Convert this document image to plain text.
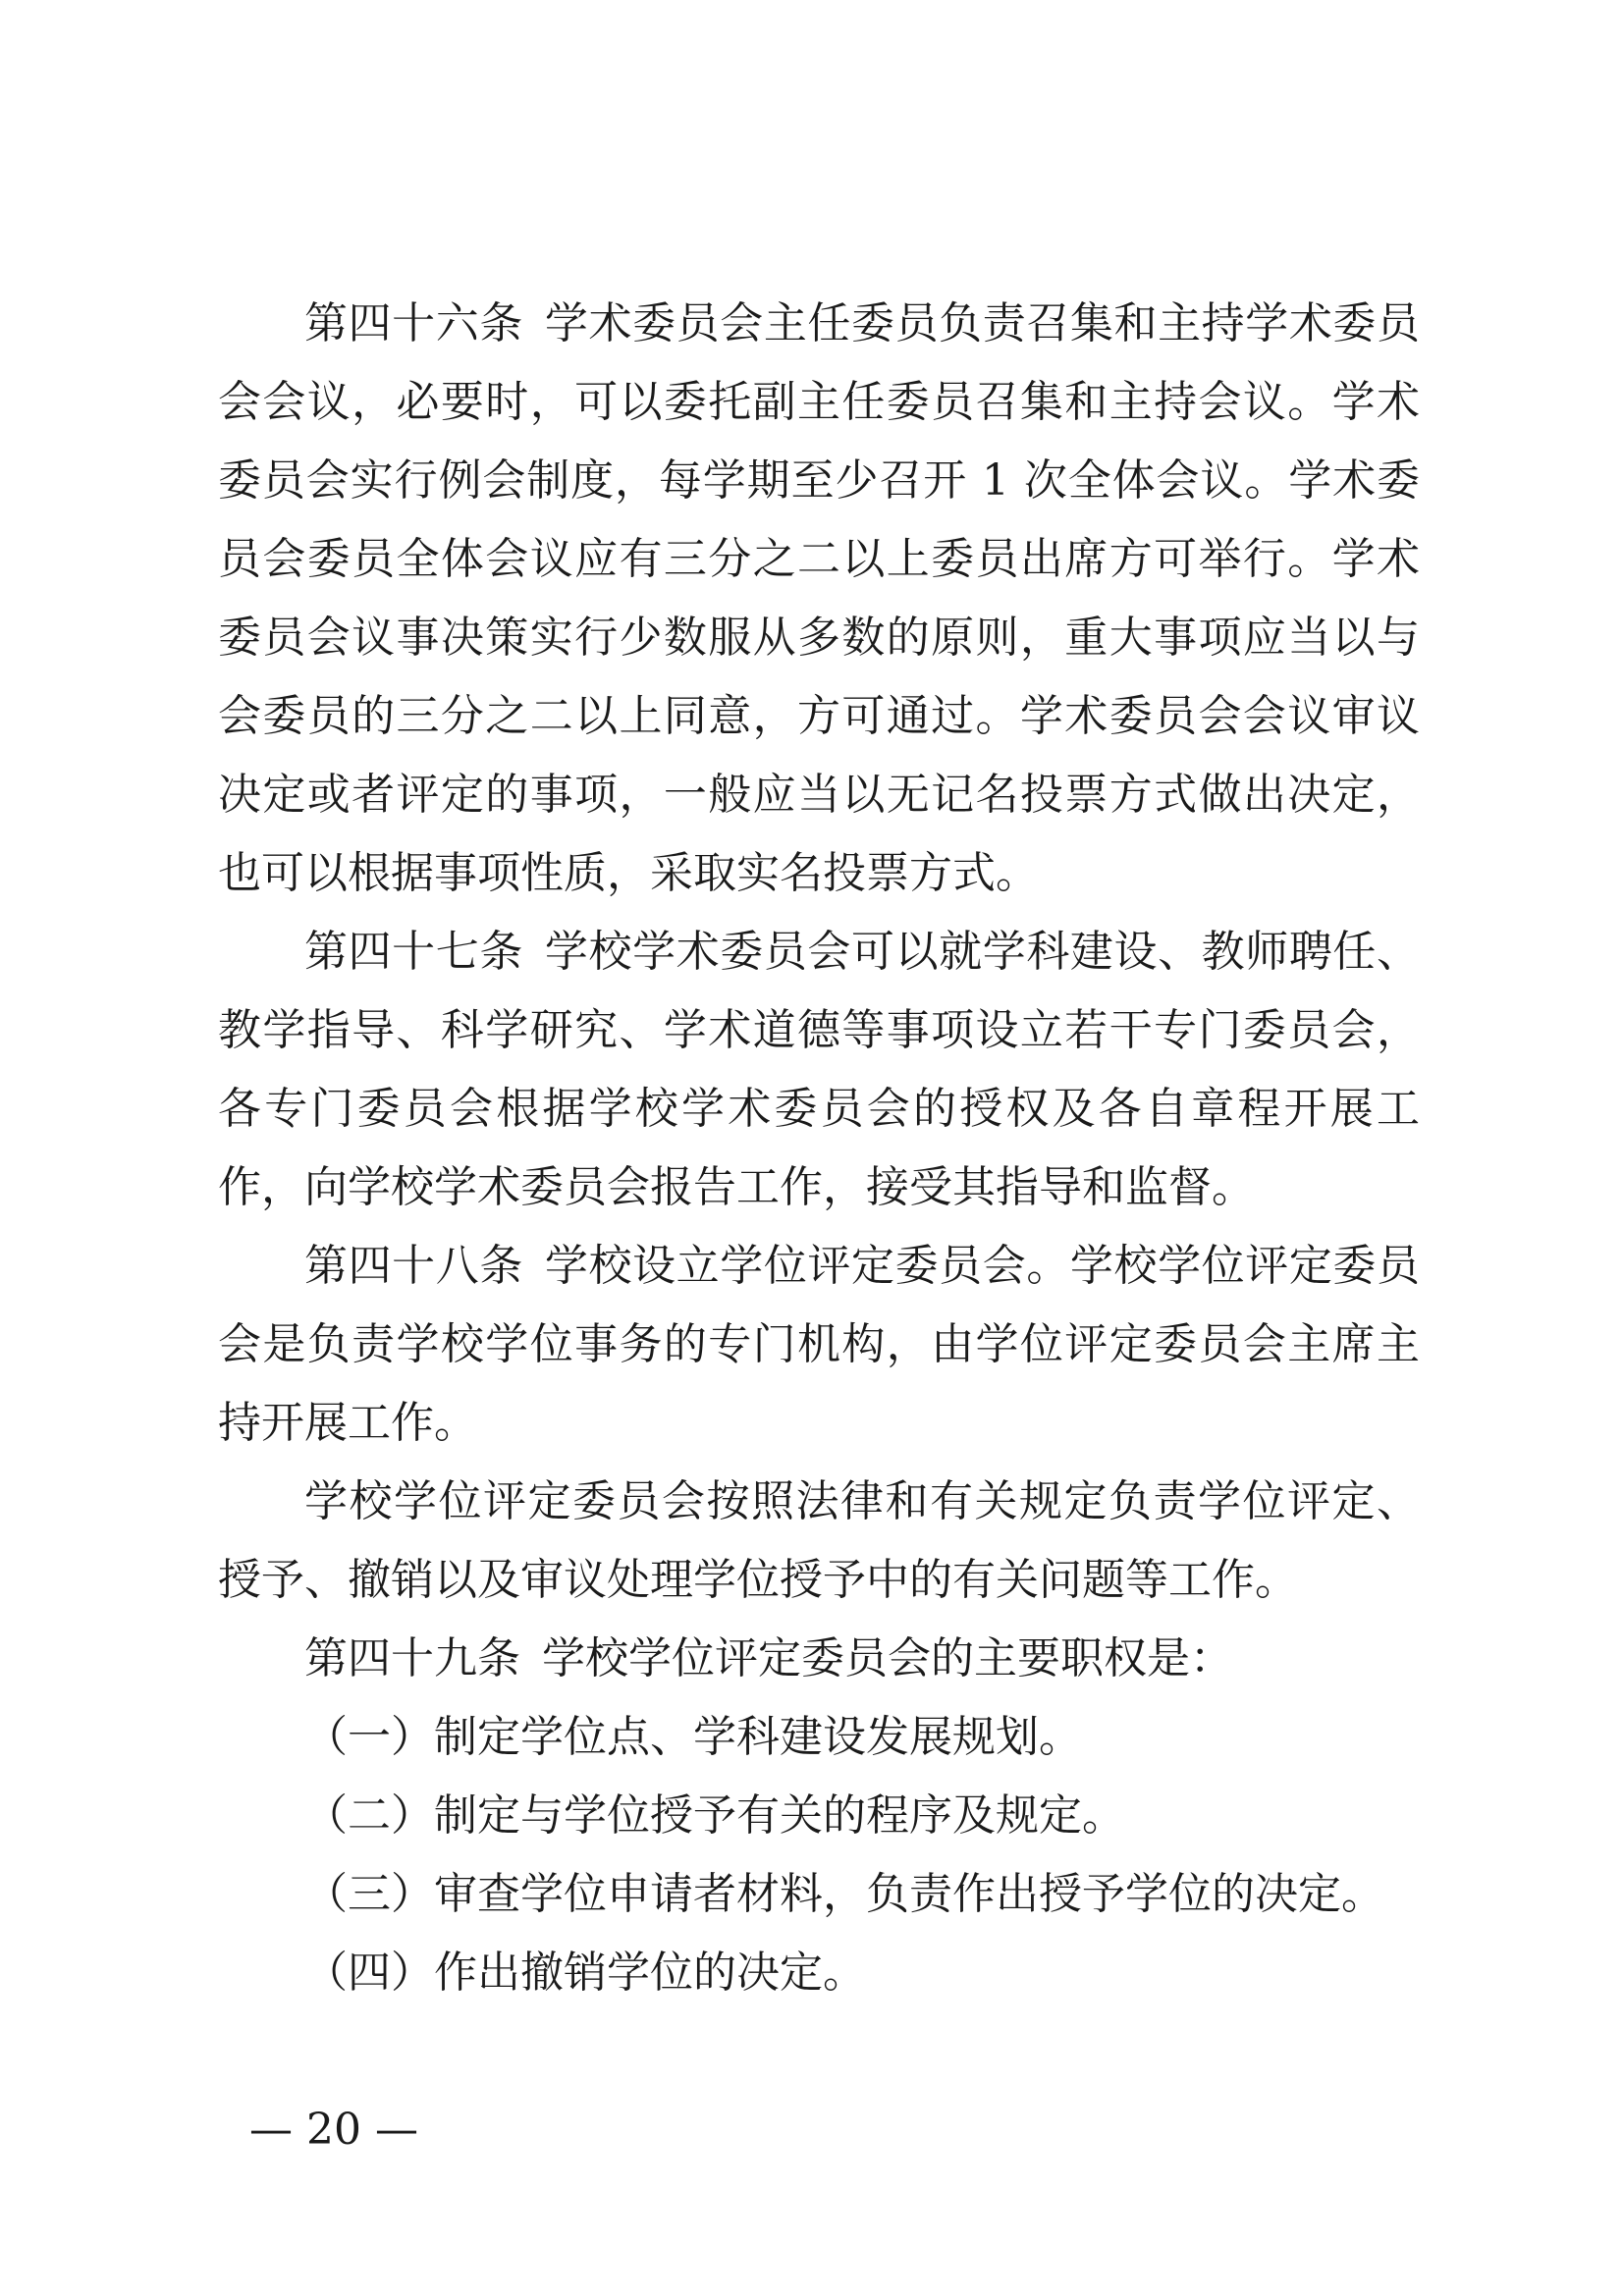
第四十六条 学术委员会主任委员负责召集和主持学术委员会会议，必要时，可以委托副主任委员召集和主持会议。学术委员会实行例会制度，每学期至少召开 1 次全体会议。学术委员会委员全体会议应有三分之二以上委员出席方可举行。学术委员会议事决策实行少数服从多数的原则，重大事项应当以与会委员的三分之二以上同意，方可通过。学术委员会会议审议决定或者评定的事项，一般应当以无记名投票方式做出决定，也可以根据事项性质，采取实名投票方式。

第四十七条 学校学术委员会可以就学科建设、教师聘任、教学指导、科学研究、学术道德等事项设立若干专门委员会，各专门委员会根据学校学术委员会的授权及各自章程开展工作，向学校学术委员会报告工作，接受其指导和监督。

第四十八条 学校设立学位评定委员会。学校学位评定委员会是负责学校学位事务的专门机构，由学位评定委员会主席主持开展工作。

学校学位评定委员会按照法律和有关规定负责学位评定、授予、撤销以及审议处理学位授予中的有关问题等工作。

第四十九条 学校学位评定委员会的主要职权是：

（一）制定学位点、学科建设发展规划。

（二）制定与学位授予有关的程序及规定。

（三）审查学位申请者材料，负责作出授予学位的决定。

（四）作出撤销学位的决定。

— 20 —
